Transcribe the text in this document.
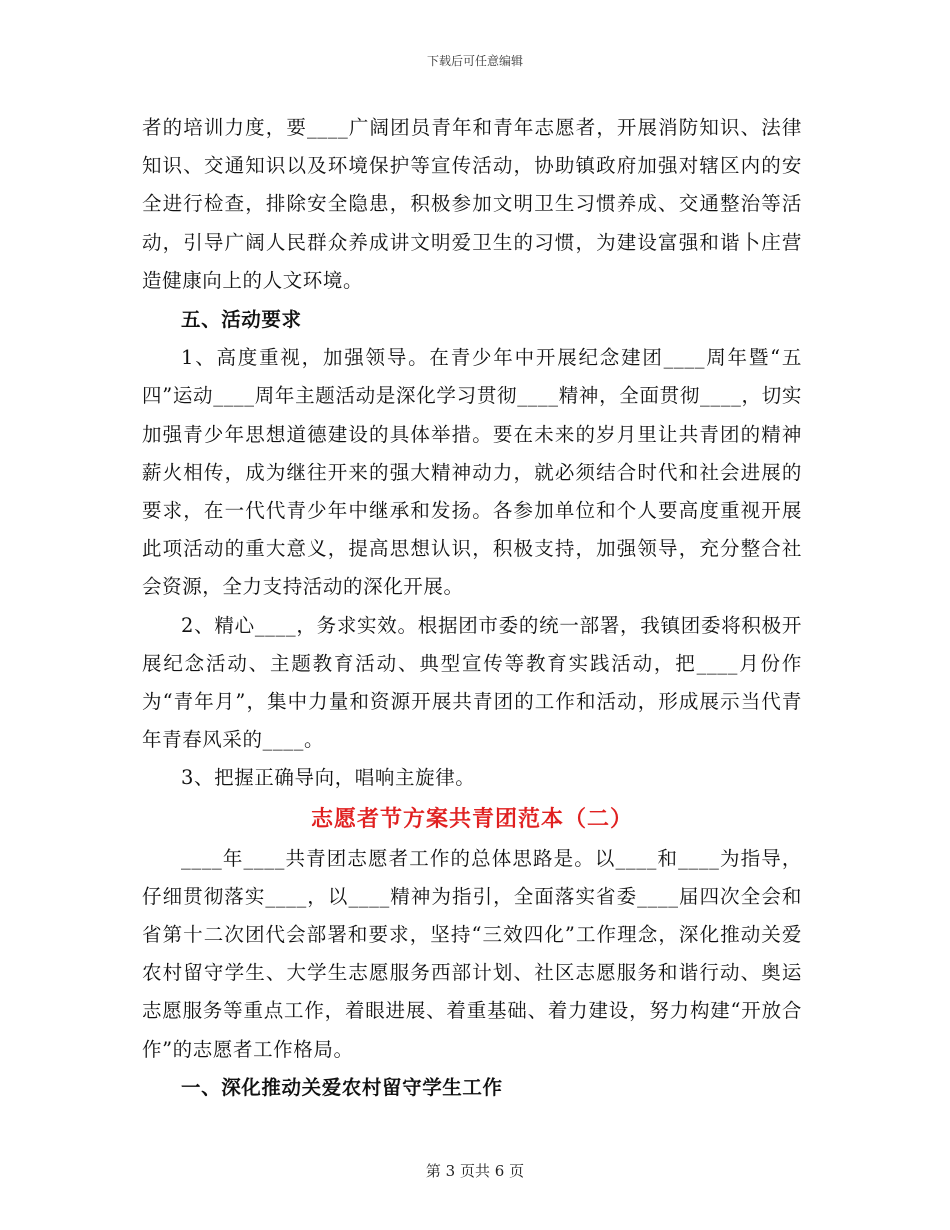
下载后可任意编辑

者的培训力度，要____广阔团员青年和青年志愿者，开展消防知识、法律知识、交通知识以及环境保护等宣传活动，协助镇政府加强对辖区内的安全进行检查，排除安全隐患，积极参加文明卫生习惯养成、交通整治等活动，引导广阔人民群众养成讲文明爱卫生的习惯，为建设富强和谐卜庄营造健康向上的人文环境。

五、活动要求

1、高度重视，加强领导。在青少年中开展纪念建团____周年暨“五四”运动____周年主题活动是深化学习贯彻____精神，全面贯彻____，切实加强青少年思想道德建设的具体举措。要在未来的岁月里让共青团的精神薪火相传，成为继往开来的强大精神动力，就必须结合时代和社会进展的要求，在一代代青少年中继承和发扬。各参加单位和个人要高度重视开展此项活动的重大意义，提高思想认识，积极支持，加强领导，充分整合社会资源，全力支持活动的深化开展。

2、精心____，务求实效。根据团市委的统一部署，我镇团委将积极开展纪念活动、主题教育活动、典型宣传等教育实践活动，把____月份作为“青年月”，集中力量和资源开展共青团的工作和活动，形成展示当代青年青春风采的____。

3、把握正确导向，唱响主旋律。

志愿者节方案共青团范本（二）

____年____共青团志愿者工作的总体思路是。以____和____为指导，仔细贯彻落实____，以____精神为指引，全面落实省委____届四次全会和省第十二次团代会部署和要求，坚持“三效四化”工作理念，深化推动关爱农村留守学生、大学生志愿服务西部计划、社区志愿服务和谐行动、奥运志愿服务等重点工作，着眼进展、着重基础、着力建设，努力构建“开放合作”的志愿者工作格局。

一、深化推动关爱农村留守学生工作

第 3 页共 6 页
